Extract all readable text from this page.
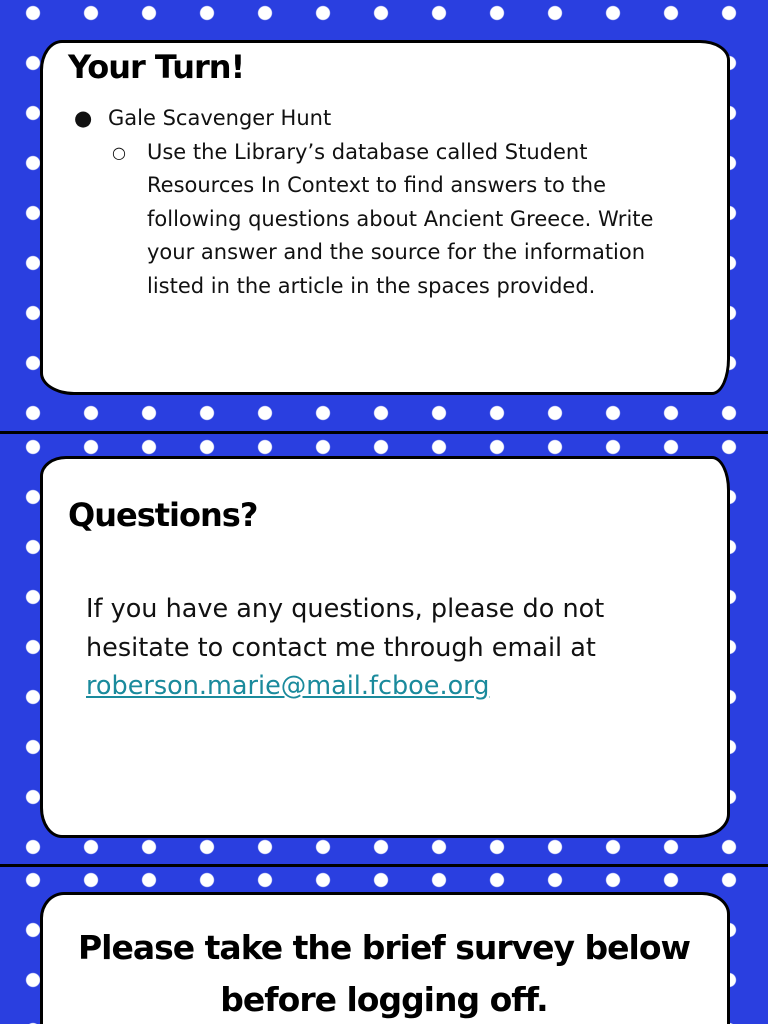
Your Turn!
● Gale Scavenger Hunt
○ Use the Library’s database called Student Resources In Context to find answers to the following questions about Ancient Greece. Write your answer and the source for the information listed in the article in the spaces provided.
Questions?
If you have any questions, please do not hesitate to contact me through email at
roberson.marie@mail.fcboe.org
Please take the brief survey below
before logging off.
